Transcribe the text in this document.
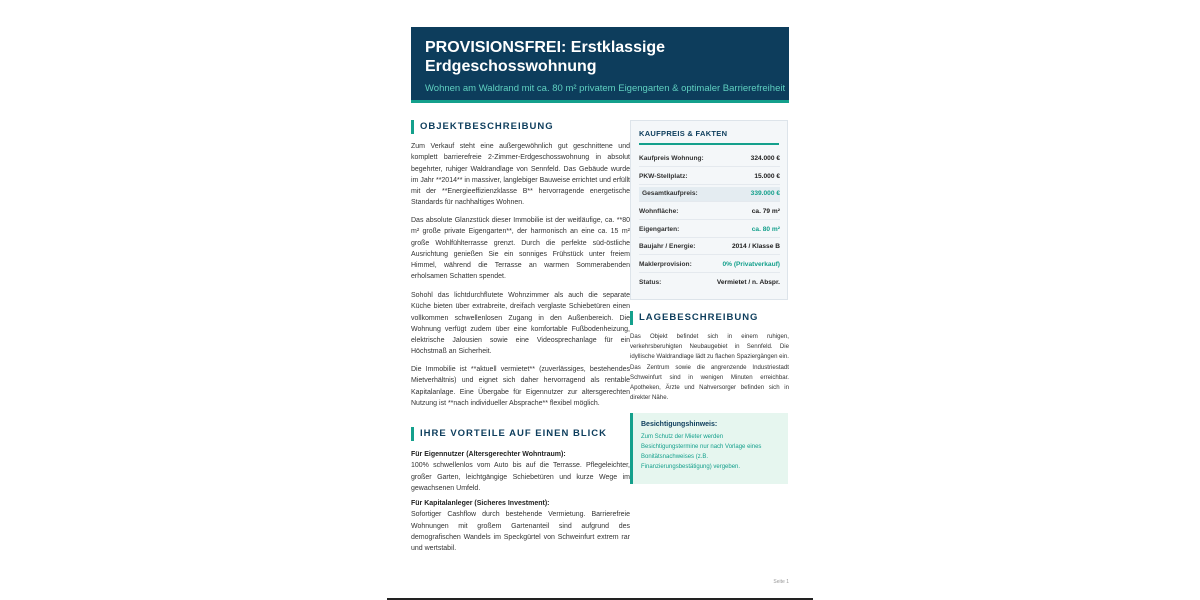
PROVISIONSFREI: Erstklassige Erdgeschosswohnung
Wohnen am Waldrand mit ca. 80 m² privatem Eigengarten & optimaler Barrierefreiheit
OBJEKTBESCHREIBUNG
Zum Verkauf steht eine außergewöhnlich gut geschnittene und komplett barrierefreie 2-Zimmer-Erdgeschosswohnung in absolut begehrter, ruhiger Waldrandlage von Sennfeld. Das Gebäude wurde im Jahr **2014** in massiver, langlebiger Bauweise errichtet und erfüllt mit der **Energieeffizienzklasse B** hervorragende energetische Standards für nachhaltiges Wohnen.
Das absolute Glanzstück dieser Immobilie ist der weitläufige, ca. **80 m² große private Eigengarten**, der harmonisch an eine ca. 15 m² große Wohlfühlterrasse grenzt. Durch die perfekte süd-östliche Ausrichtung genießen Sie ein sonniges Frühstück unter freiem Himmel, während die Terrasse an warmen Sommerabenden erholsamen Schatten spendet.
Sohohl das lichtdurchflutete Wohnzimmer als auch die separate Küche bieten über extrabreite, dreifach verglaste Schiebetüren einen vollkommen schwellenlosen Zugang in den Außenbereich. Die Wohnung verfügt zudem über eine komfortable Fußbodenheizung, elektrische Jalousien sowie eine Videosprechanlage für ein Höchstmaß an Sicherheit.
Die Immobilie ist **aktuell vermietet** (zuverlässiges, bestehendes Mietverhältnis) und eignet sich daher hervorragend als rentable Kapitalanlage. Eine Übergabe für Eigennutzer zur altersgerechten Nutzung ist **nach individueller Absprache** flexibel möglich.
IHRE VORTEILE AUF EINEN BLICK
Für Eigennutzer (Altersgerechter Wohntraum):
100% schwellenlos vom Auto bis auf die Terrasse. Pflegeleichter, großer Garten, leichtgängige Schiebetüren und kurze Wege im gewachsenen Umfeld.
Für Kapitalanleger (Sicheres Investment):
Sofortiger Cashflow durch bestehende Vermietung. Barrierefreie Wohnungen mit großem Gartenanteil sind aufgrund des demografischen Wandels im Speckgürtel von Schweinfurt extrem rar und wertstabil.
KAUFPREIS & FAKTEN
Kaufpreis Wohnung:	324.000 €
PKW-Stellplatz:	15.000 €
Gesamtkaufpreis:	339.000 €
Wohnfläche:	ca. 79 m²
Eigengarten:	ca. 80 m²
Baujahr / Energie:	2014 / Klasse B
Maklerprovision:	0% (Privatverkauf)
Status:	Vermietet / n. Abspr.
LAGEBESCHREIBUNG
Das Objekt befindet sich in einem ruhigen, verkehrsberuhigten Neubaugebiet in Sennfeld. Die idyllische Waldrandlage lädt zu flachen Spaziergängen ein. Das Zentrum sowie die angrenzende Industriestadt Schweinfurt sind in wenigen Minuten erreichbar. Apotheken, Ärzte und Nahversorger befinden sich in direkter Nähe.
Besichtigungshinweis:
Zum Schutz der Mieter werden Besichtigungstermine nur nach Vorlage eines Bonitätsnachweises (z.B. Finanzierungsbestätigung) vergeben.
Seite 1
